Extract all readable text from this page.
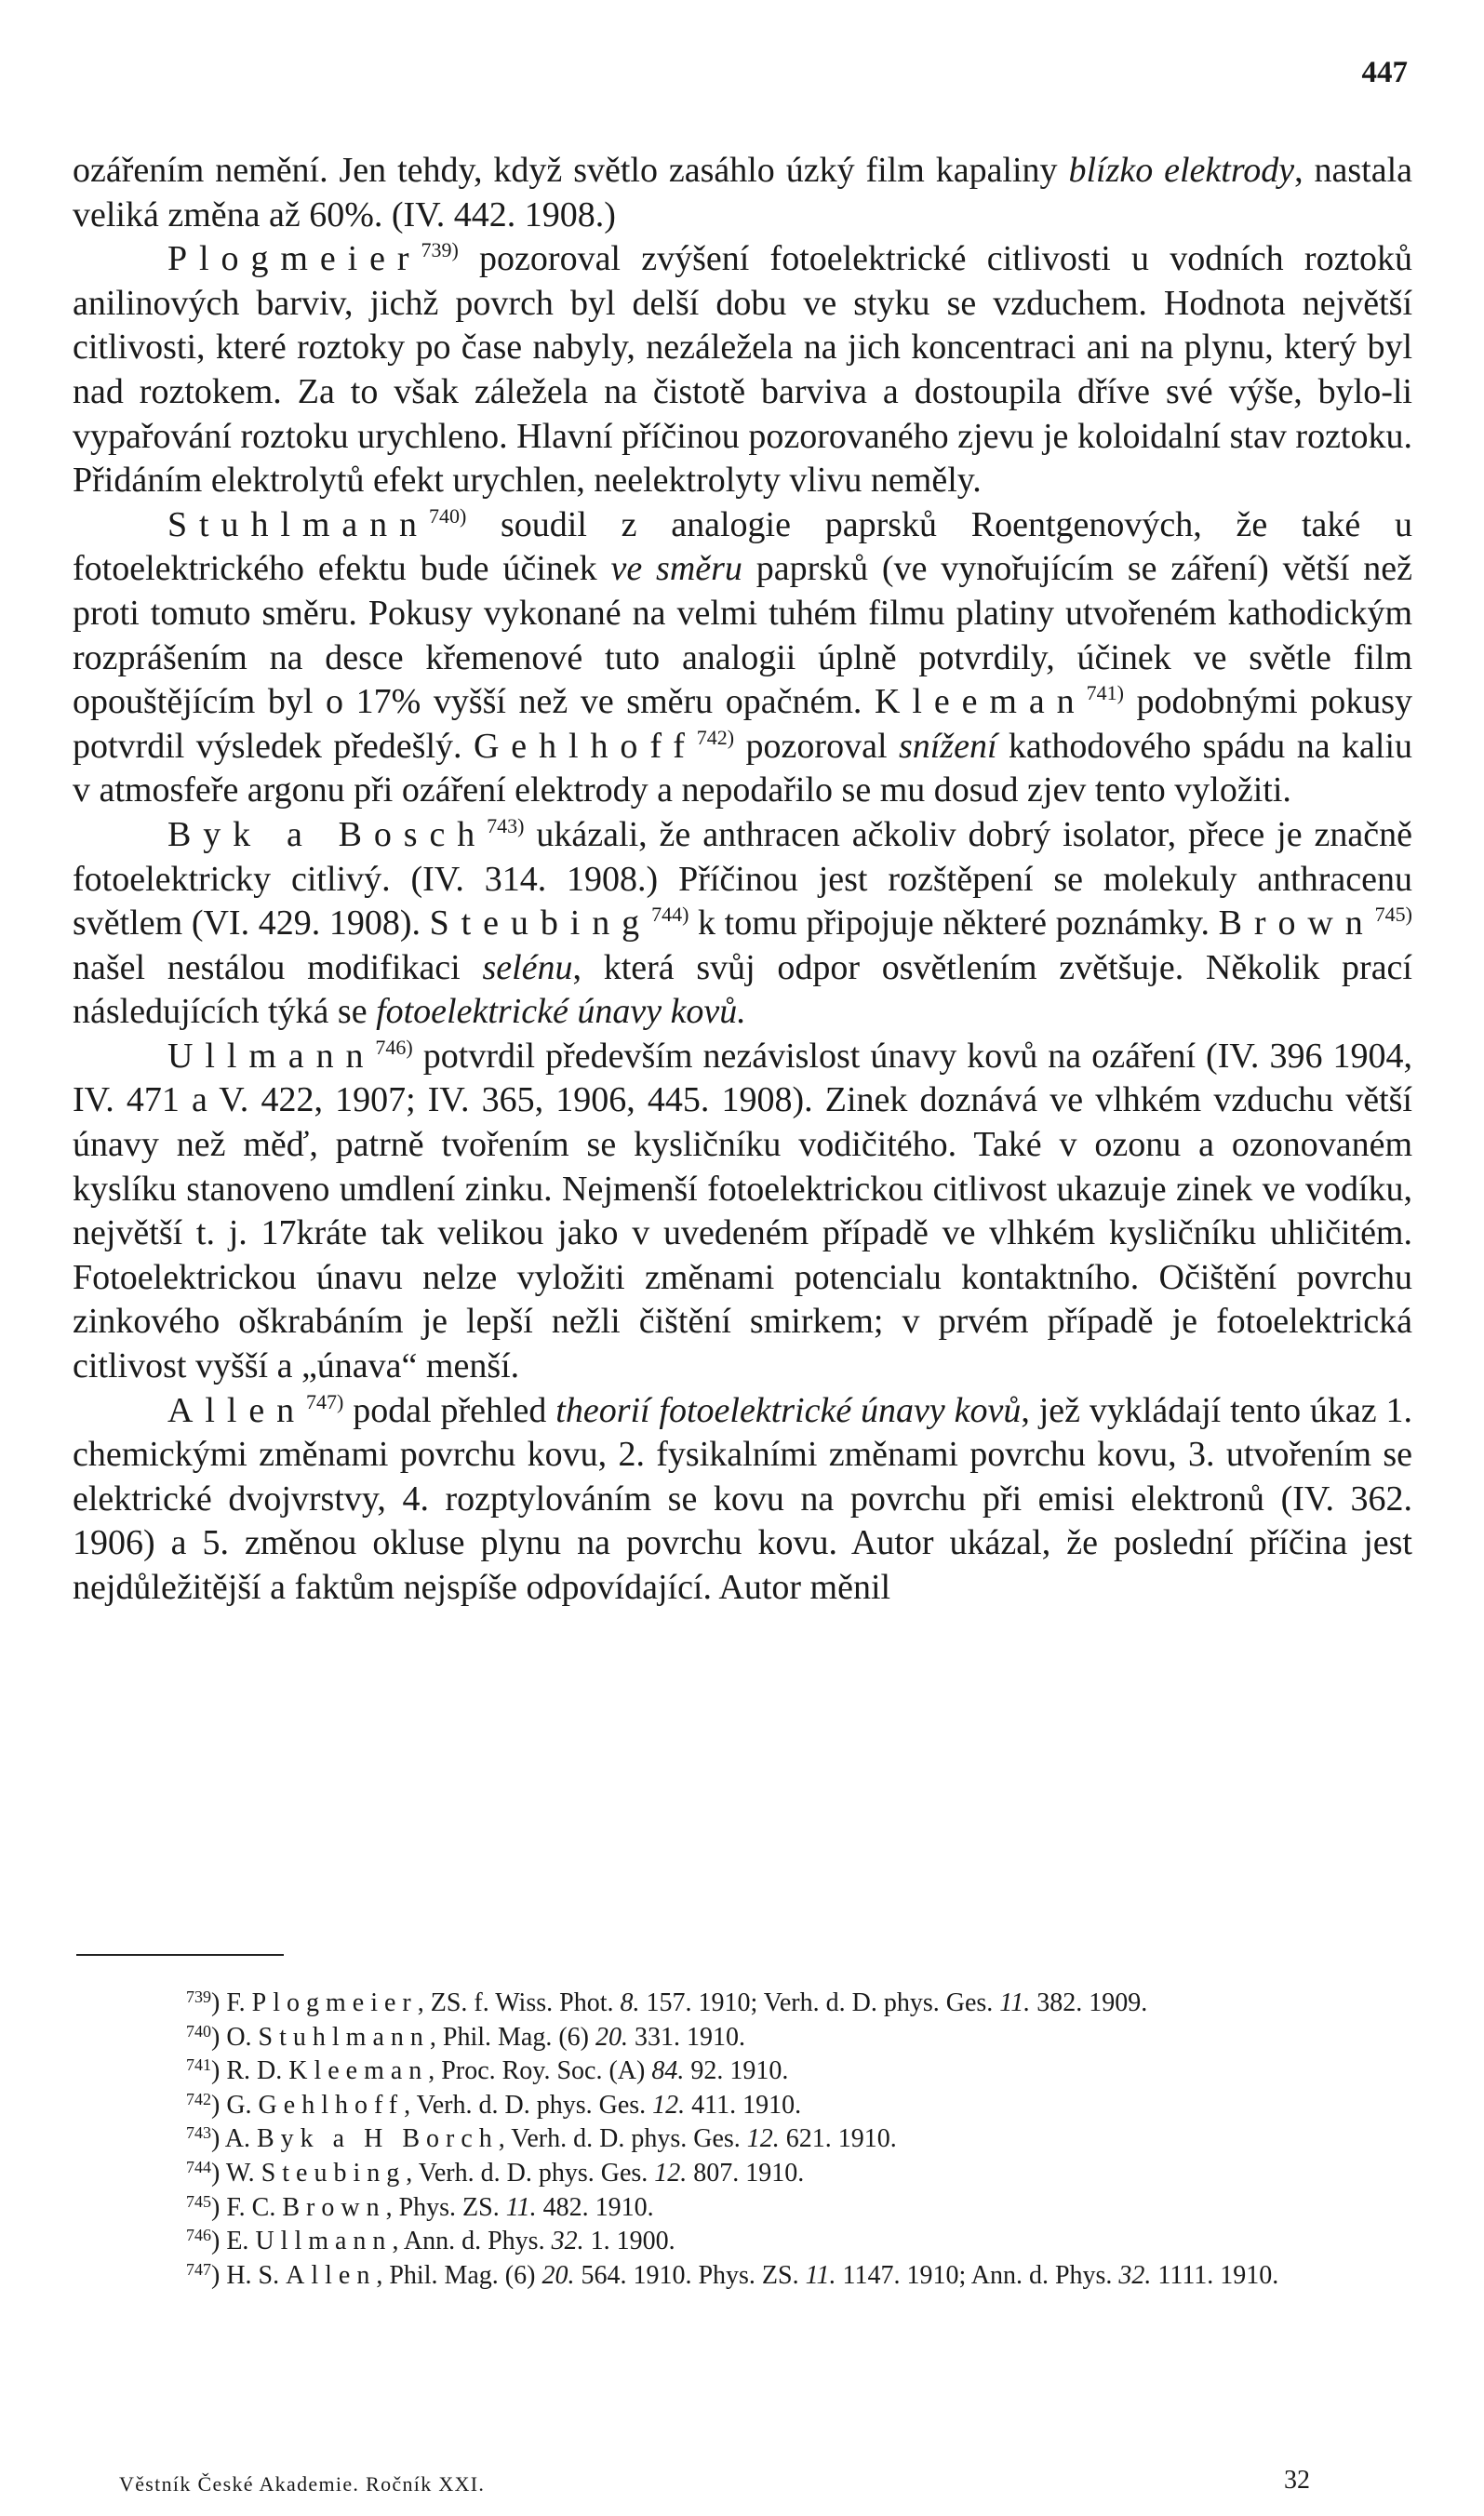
447

ozářením nemění. Jen tehdy, když světlo zasáhlo úzký film kapaliny blízko elektrody, nastala veliká změna až 60%. (IV. 442. 1908.)

Plogmeier$^{739)}$ pozoroval zvýšení fotoelektrické citlivosti u vodních roztoků anilinových barviv, jichž povrch byl delší dobu ve styku se vzduchem. Hodnota největší citlivosti, které roztoky po čase nabyly, nezáležela na jich koncentraci ani na plynu, který byl nad roztokem. Za to však záležela na čistotě barviva a dostoupila dříve své výše, bylo-li vypařování roztoku urychleno. Hlavní příčinou pozorovaného zjevu je koloidalní stav roztoku. Přidáním elektrolytů efekt urychlen, neelektrolyty vlivu neměly.

Stuhlmann$^{740)}$ soudil z analogie paprsků Roentgenových, že také u fotoelektrického efektu bude účinek ve směru paprsků (ve vynořujícím se záření) větší než proti tomuto směru. Pokusy vykonané na velmi tuhém filmu platiny utvořeném kathodickým rozprášením na desce křemenové tuto analogii úplně potvrdily, účinek ve světle film opouštějícím byl o 17% vyšší než ve směru opačném. Kleeman$^{741)}$ podobnými pokusy potvrdil výsledek předešlý. Gehlhoff$^{742)}$ pozoroval snížení kathodového spádu na kaliu v atmosfeře argonu při ozáření elektrody a nepodařilo se mu dosud zjev tento vyložiti.

Byk a Bosch$^{743)}$ ukázali, že anthracen ačkoliv dobrý isolator, přece je značně fotoelektricky citlivý. (IV. 314. 1908.) Příčinou jest rozštěpení se molekuly anthracenu světlem (VI. 429. 1908). Steubing$^{744)}$ k tomu připojuje některé poznámky. Brown$^{745)}$ našel nestálou modifikaci selénu, která svůj odpor osvětlením zvětšuje. Několik prací následujících týká se fotoelektrické únavy kovů.

Ullmann$^{746)}$ potvrdil především nezávislost únavy kovů na ozáření (IV. 396 1904, IV. 471 a V. 422, 1907; IV. 365, 1906, 445. 1908). Zinek doznává ve vlhkém vzduchu větší únavy než měď, patrně tvořením se kysličníku vodičitého. Také v ozonu a ozonovaném kyslíku stanoveno umdlení zinku. Nejmenší fotoelektrickou citlivost ukazuje zinek ve vodíku, největší t. j. 17kráte tak velikou jako v uvedeném případě ve vlhkém kysličníku uhličitém. Fotoelektrickou únavu nelze vyložiti změnami potencialu kontaktního. Očištění povrchu zinkového oškrabáním je lepší nežli čištění smirkem; v prvém případě je fotoelektrická citlivost vyšší a „únava“ menší.

Allen$^{747)}$ podal přehled theorií fotoelektrické únavy kovů, jež vykládají tento úkaz 1. chemickými změnami povrchu kovu, 2. fysikalními změnami povrchu kovu, 3. utvořením se elektrické dvojvrstvy, 4. rozptylováním se kovu na povrchu při emisi elektronů (IV. 362. 1906) a 5. změnou okluse plynu na povrchu kovu. Autor ukázal, že poslední příčina jest nejdůležitější a faktům nejspíše odpovídající. Autor měnil

$^{739}$) F. Plogmeier, ZS. f. Wiss. Phot. 8. 157. 1910; Verh. d. D. phys. Ges. 11. 382. 1909.

$^{740}$) O. Stuhlmann, Phil. Mag. (6) 20. 331. 1910.

$^{741}$) R. D. Kleeman, Proc. Roy. Soc. (A) 84. 92. 1910.

$^{742}$) G. Gehlhoff, Verh. d. D. phys. Ges. 12. 411. 1910.

$^{743}$) A. Byk a H Borch, Verh. d. D. phys. Ges. 12. 621. 1910.

$^{744}$) W. Steubing, Verh. d. D. phys. Ges. 12. 807. 1910.

$^{745}$) F. C. Brown, Phys. ZS. 11. 482. 1910.

$^{746}$) E. Ullmann, Ann. d. Phys. 32. 1. 1900.

$^{747}$) H. S. Allen, Phil. Mag. (6) 20. 564. 1910. Phys. ZS. 11. 1147. 1910; Ann. d. Phys. 32. 1111. 1910.

Věstník České Akademie. Ročník XXI.	32
